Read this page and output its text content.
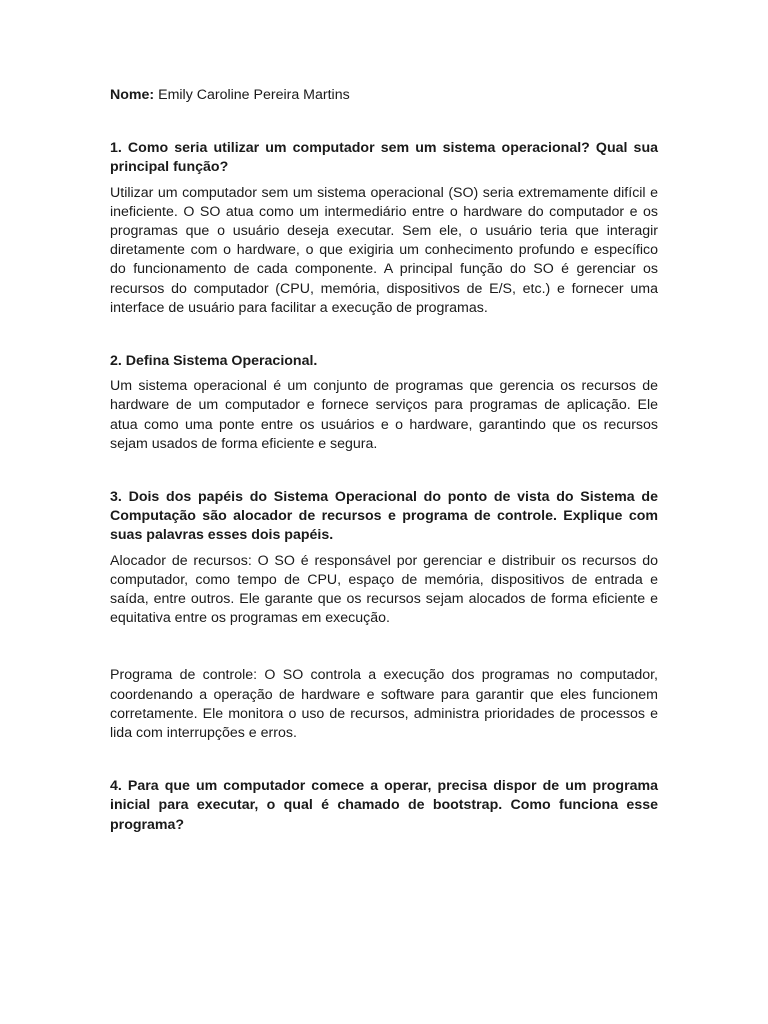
Nome: Emily Caroline Pereira Martins

1. Como seria utilizar um computador sem um sistema operacional? Qual sua principal função?

Utilizar um computador sem um sistema operacional (SO) seria extremamente difícil e ineficiente. O SO atua como um intermediário entre o hardware do computador e os programas que o usuário deseja executar. Sem ele, o usuário teria que interagir diretamente com o hardware, o que exigiria um conhecimento profundo e específico do funcionamento de cada componente. A principal função do SO é gerenciar os recursos do computador (CPU, memória, dispositivos de E/S, etc.) e fornecer uma interface de usuário para facilitar a execução de programas.

2. Defina Sistema Operacional.

Um sistema operacional é um conjunto de programas que gerencia os recursos de hardware de um computador e fornece serviços para programas de aplicação. Ele atua como uma ponte entre os usuários e o hardware, garantindo que os recursos sejam usados de forma eficiente e segura.

3. Dois dos papéis do Sistema Operacional do ponto de vista do Sistema de Computação são alocador de recursos e programa de controle. Explique com suas palavras esses dois papéis.

Alocador de recursos: O SO é responsável por gerenciar e distribuir os recursos do computador, como tempo de CPU, espaço de memória, dispositivos de entrada e saída, entre outros. Ele garante que os recursos sejam alocados de forma eficiente e equitativa entre os programas em execução.

Programa de controle: O SO controla a execução dos programas no computador, coordenando a operação de hardware e software para garantir que eles funcionem corretamente. Ele monitora o uso de recursos, administra prioridades de processos e lida com interrupções e erros.

4. Para que um computador comece a operar, precisa dispor de um programa inicial para executar, o qual é chamado de bootstrap. Como funciona esse programa?
